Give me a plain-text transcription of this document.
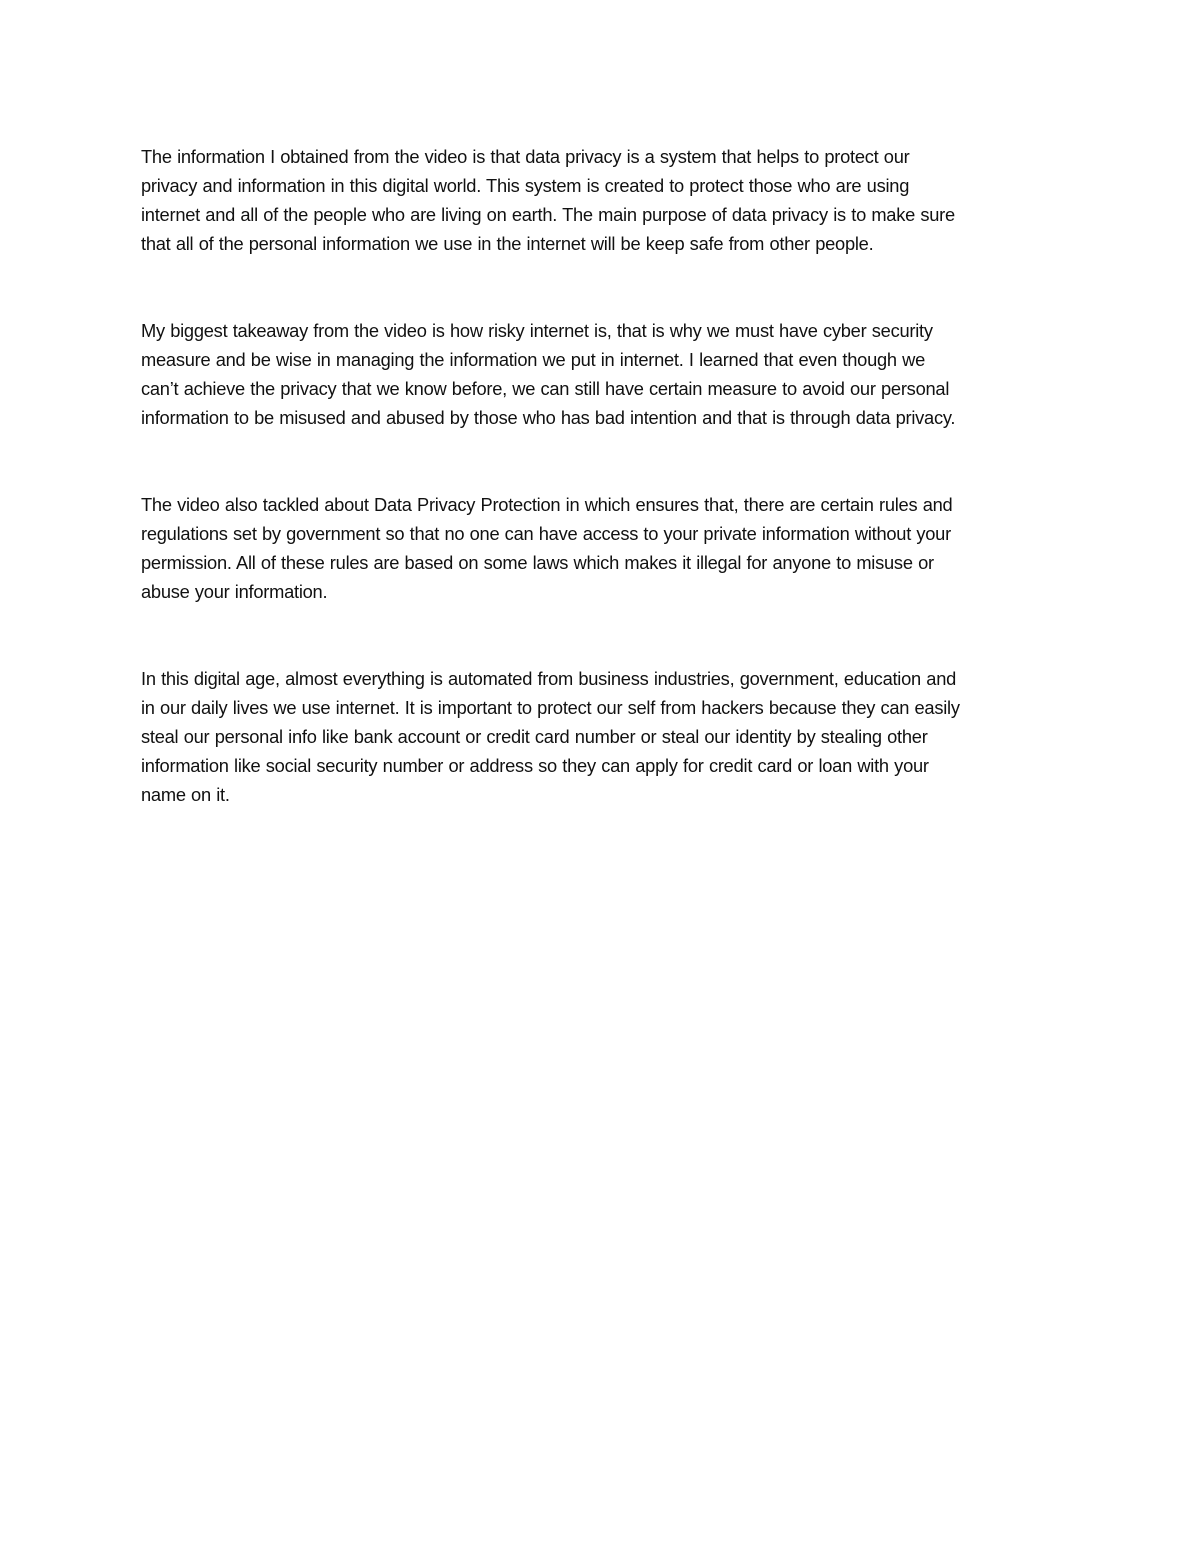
The information I obtained from the video is that data privacy is a system that helps to protect our
privacy and information in this digital world. This system is created to protect those who are using
internet and all of the people who are living on earth. The main purpose of data privacy is to make sure
that all of the personal information we use in the internet will be keep safe from other people.

My biggest takeaway from the video is how risky internet is, that is why we must have cyber security
measure and be wise in managing the information we put in internet. I learned that even though we
can’t achieve the privacy that we know before, we can still have certain measure to avoid our personal
information to be misused and abused by those who has bad intention and that is through data privacy.

The video also tackled about Data Privacy Protection in which ensures that, there are certain rules and
regulations set by government so that no one can have access to your private information without your
permission. All of these rules are based on some laws which makes it illegal for anyone to misuse or
abuse your information.

In this digital age, almost everything is automated from business industries, government, education and
in our daily lives we use internet. It is important to protect our self from hackers because they can easily
steal our personal info like bank account or credit card number or steal our identity by stealing other
information like social security number or address so they can apply for credit card or loan with your
name on it.
